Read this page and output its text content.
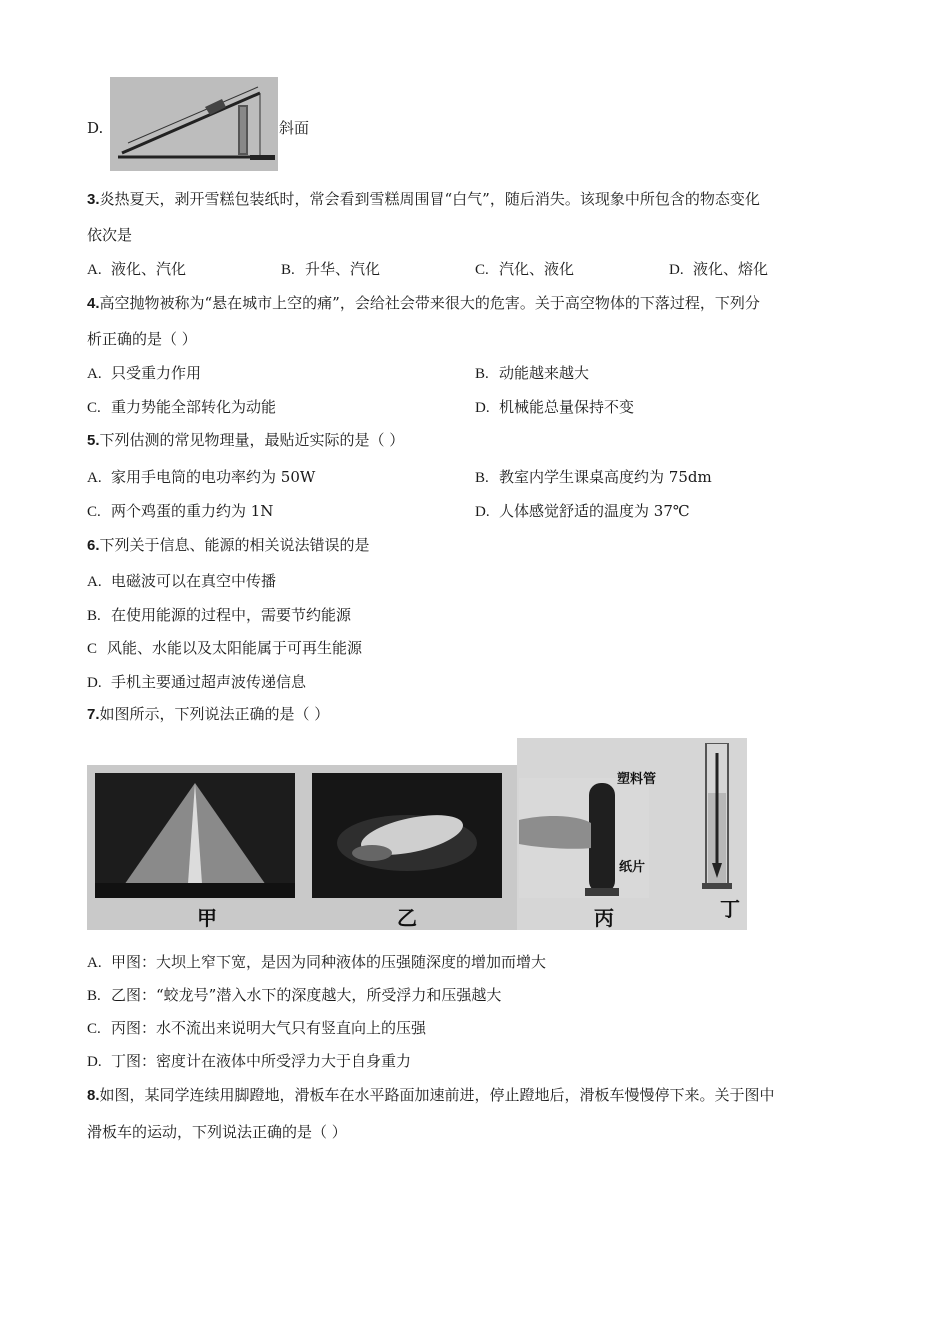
D.	斜面
3.炎热夏天，剥开雪糕包装纸时，常会看到雪糕周围冒“白气”，随后消失。该现象中所包含的物态变化
依次是
A. 液化、汽化	B. 升华、汽化	C. 汽化、液化	D. 液化、熔化
4.高空抛物被称为“悬在城市上空的痛”，会给社会带来很大的危害。关于高空物体的下落过程，下列分
析正确的是（ ）
A. 只受重力作用	B. 动能越来越大
C. 重力势能全部转化为动能	D. 机械能总量保持不变
5.下列估测的常见物理量，最贴近实际的是（ ）
A. 家用手电筒的电功率约为 50W	B. 教室内学生课桌高度约为 75dm
C. 两个鸡蛋的重力约为 1N	D. 人体感觉舒适的温度为 37℃
6.下列关于信息、能源的相关说法错误的是
A. 电磁波可以在真空中传播
B. 在使用能源的过程中，需要节约能源
C 风能、水能以及太阳能属于可再生能源
D. 手机主要通过超声波传递信息
7.如图所示，下列说法正确的是（ ）
甲	乙
塑料管
纸片
丙	丁
A. 甲图：大坝上窄下宽，是因为同种液体的压强随深度的增加而增大
B. 乙图：“蛟龙号”潜入水下的深度越大，所受浮力和压强越大
C. 丙图：水不流出来说明大气只有竖直向上的压强
D. 丁图：密度计在液体中所受浮力大于自身重力
8.如图，某同学连续用脚蹬地，滑板车在水平路面加速前进，停止蹬地后，滑板车慢慢停下来。关于图中
滑板车的运动，下列说法正确的是（ ）
